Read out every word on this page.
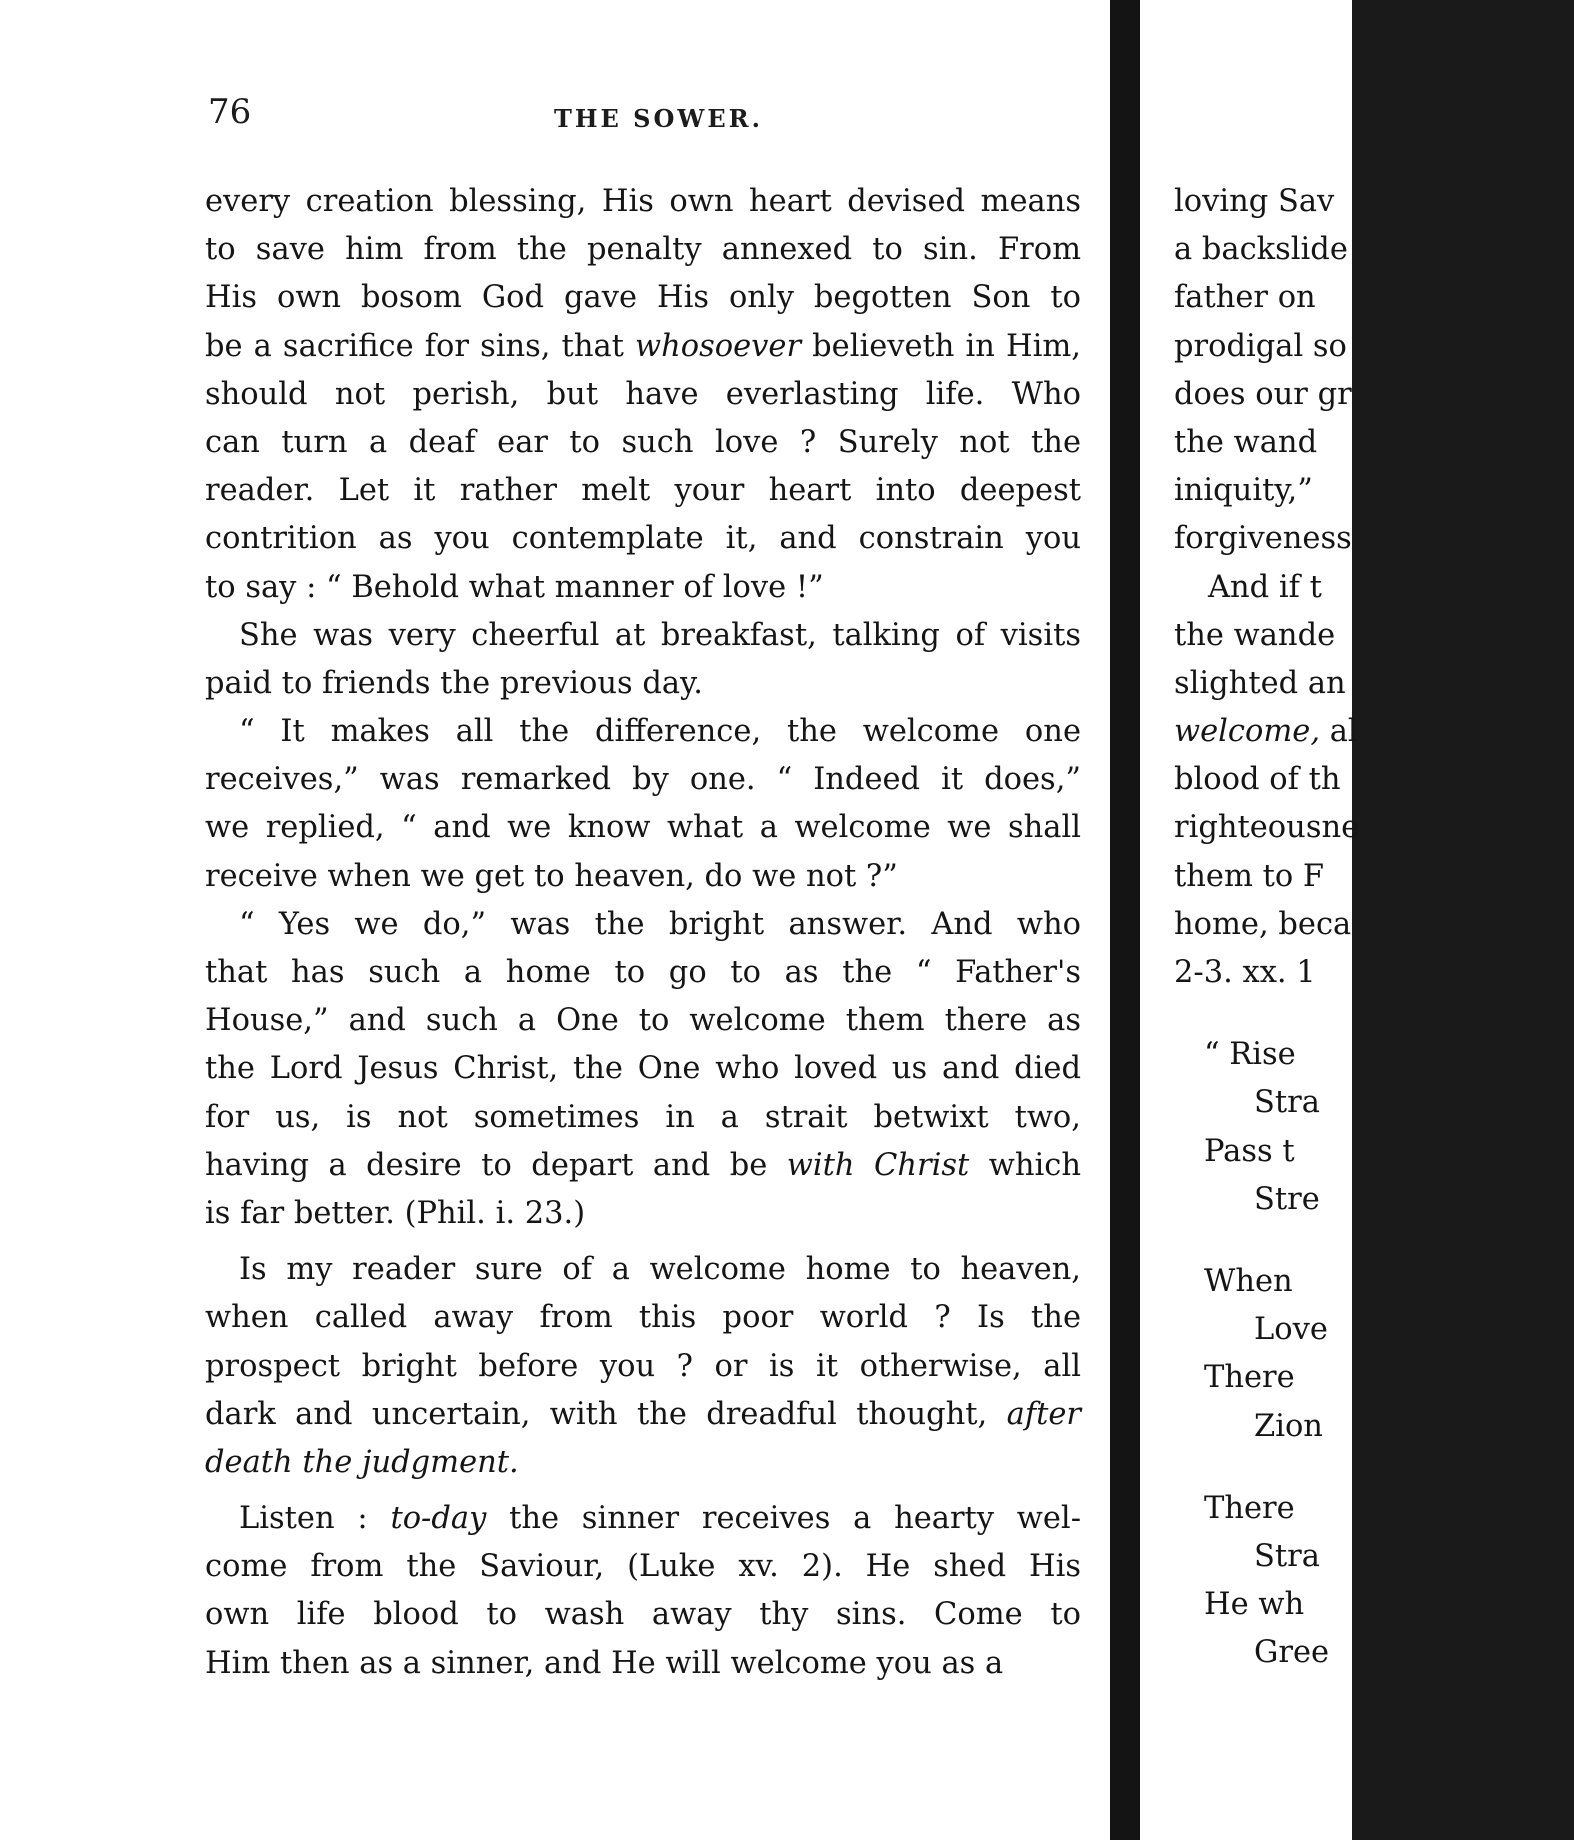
76	THE SOWER.
every creation blessing, His own heart devised means
to save him from the penalty annexed to sin. From
His own bosom God gave His only begotten Son to
be a sacrifice for sins, that whosoever believeth in Him,
should not perish, but have everlasting life. Who
can turn a deaf ear to such love ? Surely not the
reader. Let it rather melt your heart into deepest
contrition as you contemplate it, and constrain you
to say : “ Behold what manner of love !”
She was very cheerful at breakfast, talking of visits
paid to friends the previous day.
“ It makes all the difference, the welcome one
receives,” was remarked by one. “ Indeed it does,”
we replied, “ and we know what a welcome we shall
receive when we get to heaven, do we not ?”
“ Yes we do,” was the bright answer. And who
that has such a home to go to as the “ Father's
House,” and such a One to welcome them there as
the Lord Jesus Christ, the One who loved us and died
for us, is not sometimes in a strait betwixt two,
having a desire to depart and be with Christ which
is far better. (Phil. i. 23.)
Is my reader sure of a welcome home to heaven,
when called away from this poor world ? Is the
prospect bright before you ? or is it otherwise, all
dark and uncertain, with the dreadful thought, after
death the judgment.
Listen : to-day the sinner receives a hearty wel-
come from the Saviour, (Luke xv. 2). He shed His
own life blood to wash away thy sins. Come to
Him then as a sinner, and He will welcome you as a
loving Sav
a backslide
father on
prodigal so
does our gr
the wand
iniquity,”
forgiveness
And if t
the wande
slighted an
welcome, al
blood of th
righteousne
them to F
home, beca
2-3. xx. 1
“ Rise
Stra
Pass t
Stre
When
Love
There
Zion
There
Stra
He wh
Gree
